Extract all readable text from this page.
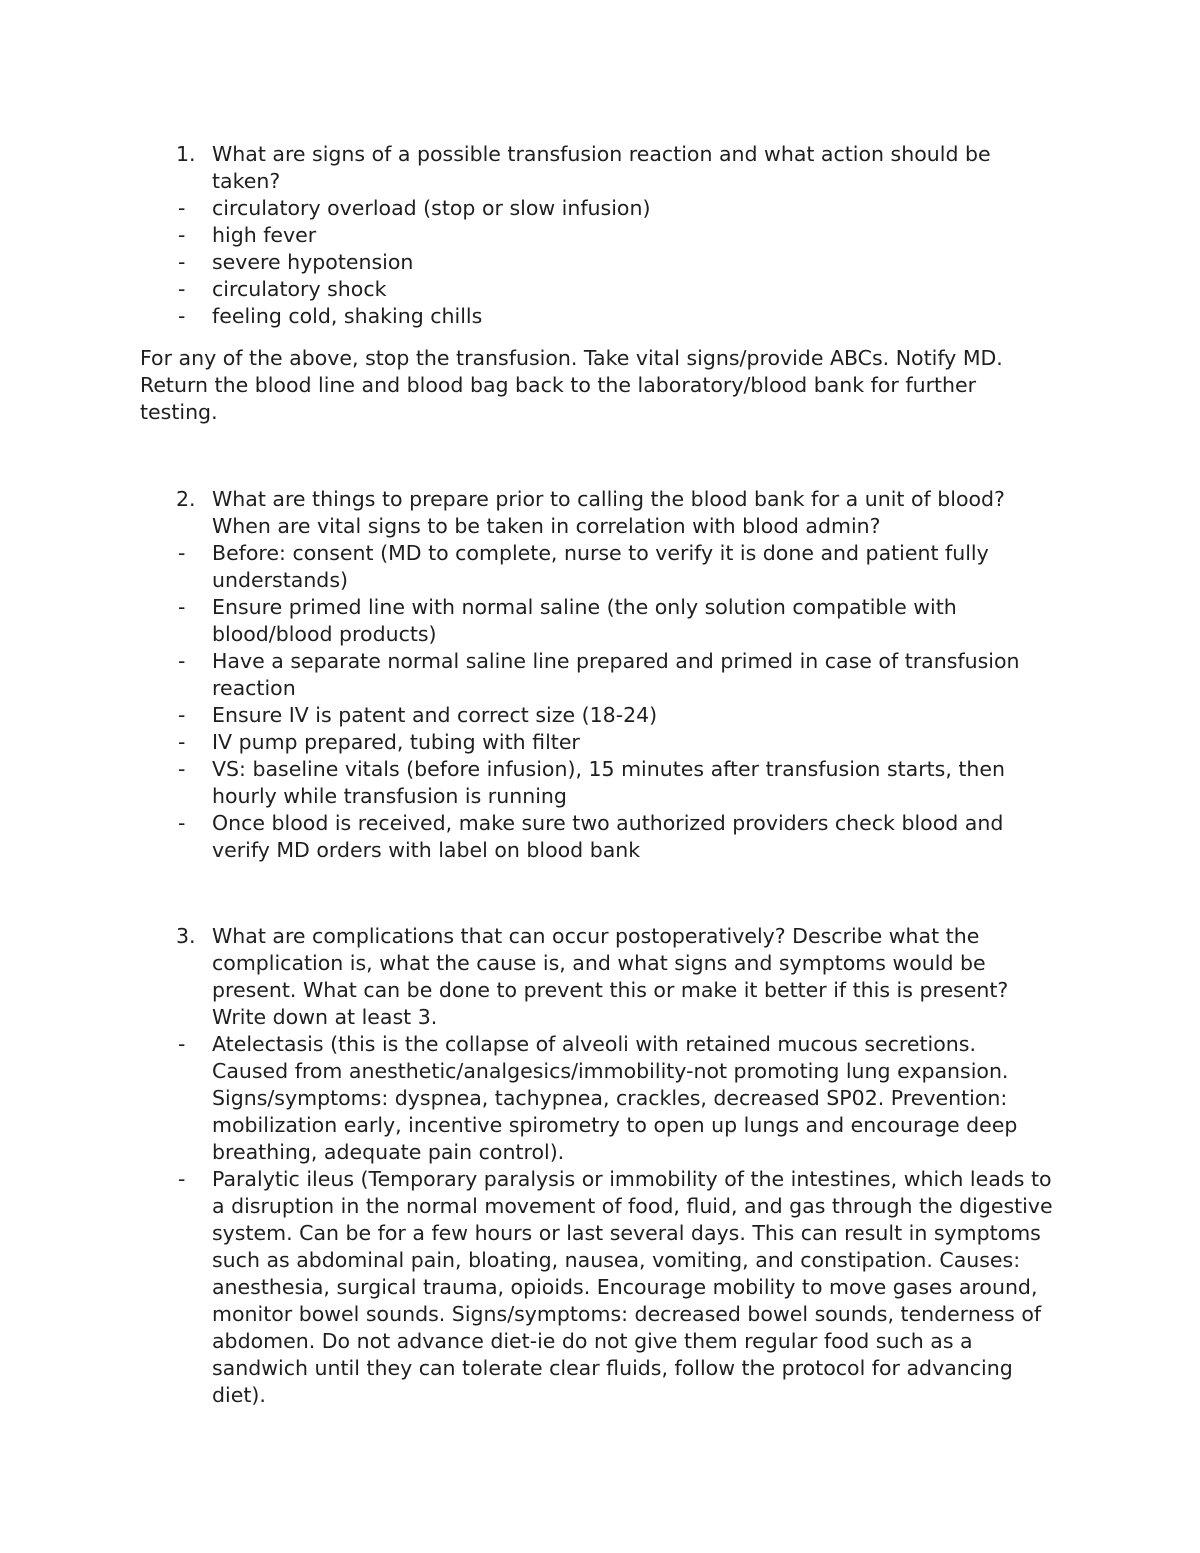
1. What are signs of a possible transfusion reaction and what action should be taken?
- circulatory overload (stop or slow infusion)
- high fever
- severe hypotension
- circulatory shock
- feeling cold, shaking chills

For any of the above, stop the transfusion. Take vital signs/provide ABCs. Notify MD. Return the blood line and blood bag back to the laboratory/blood bank for further testing.

2. What are things to prepare prior to calling the blood bank for a unit of blood? When are vital signs to be taken in correlation with blood admin?
- Before: consent (MD to complete, nurse to verify it is done and patient fully understands)
- Ensure primed line with normal saline (the only solution compatible with blood/blood products)
- Have a separate normal saline line prepared and primed in case of transfusion reaction
- Ensure IV is patent and correct size (18-24)
- IV pump prepared, tubing with filter
- VS: baseline vitals (before infusion), 15 minutes after transfusion starts, then hourly while transfusion is running
- Once blood is received, make sure two authorized providers check blood and verify MD orders with label on blood bank
3. What are complications that can occur postoperatively? Describe what the complication is, what the cause is, and what signs and symptoms would be present. What can be done to prevent this or make it better if this is present? Write down at least 3.
- Atelectasis (this is the collapse of alveoli with retained mucous secretions. Caused from anesthetic/analgesics/immobility-not promoting lung expansion. Signs/symptoms: dyspnea, tachypnea, crackles, decreased SP02. Prevention: mobilization early, incentive spirometry to open up lungs and encourage deep breathing, adequate pain control).
- Paralytic ileus (Temporary paralysis or immobility of the intestines, which leads to a disruption in the normal movement of food, fluid, and gas through the digestive system. Can be for a few hours or last several days. This can result in symptoms such as abdominal pain, bloating, nausea, vomiting, and constipation. Causes: anesthesia, surgical trauma, opioids. Encourage mobility to move gases around, monitor bowel sounds. Signs/symptoms: decreased bowel sounds, tenderness of abdomen. Do not advance diet-ie do not give them regular food such as a sandwich until they can tolerate clear fluids, follow the protocol for advancing diet).
